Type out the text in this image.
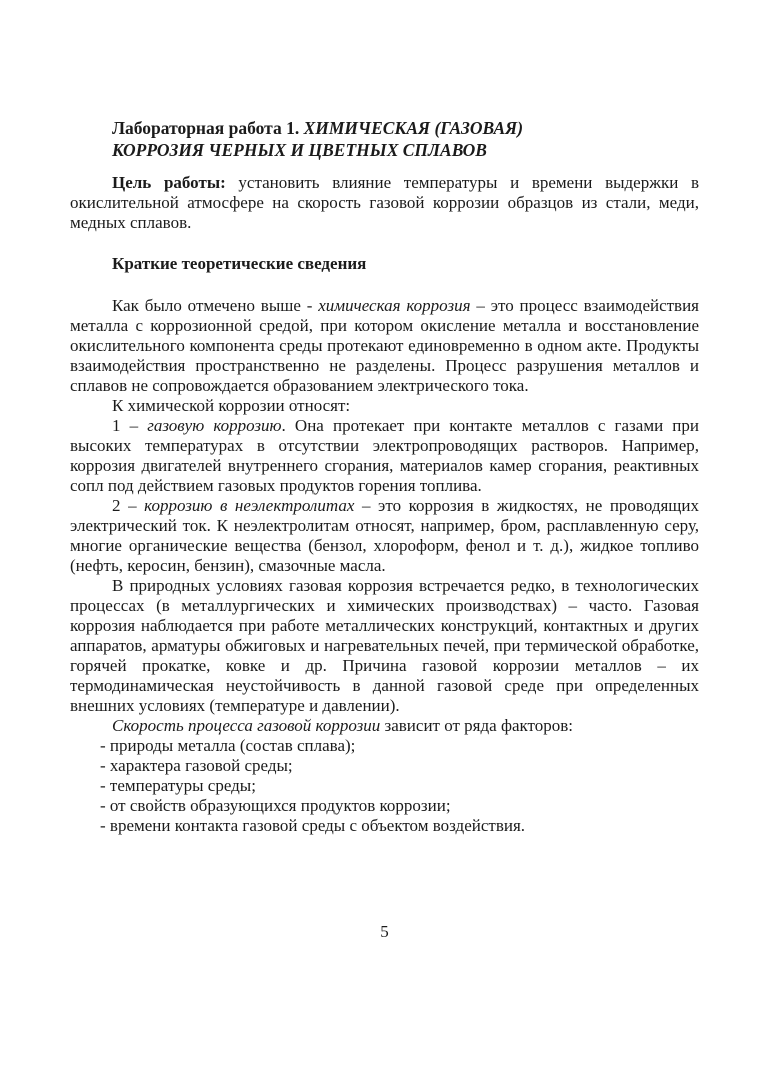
Лабораторная работа 1. ХИМИЧЕСКАЯ (ГАЗОВАЯ)
КОРРОЗИЯ ЧЕРНЫХ И ЦВЕТНЫХ СПЛАВОВ

Цель работы: установить влияние температуры и времени выдержки в окислительной атмосфере на скорость газовой коррозии образцов из стали, меди, медных сплавов.

Краткие теоретические сведения

Как было отмечено выше - химическая коррозия – это процесс взаимодействия металла с коррозионной средой, при котором окисление металла и восстановление окислительного компонента среды протекают единовременно в одном акте. Продукты взаимодействия пространственно не разделены. Процесс разрушения металлов и сплавов не сопровождается образованием электрического тока.

К химической коррозии относят:

1 – газовую коррозию. Она протекает при контакте металлов с газами при высоких температурах в отсутствии электропроводящих растворов. Например, коррозия двигателей внутреннего сгорания, материалов камер сгорания, реактивных сопл под действием газовых продуктов горения топлива.

2 – коррозию в неэлектролитах – это коррозия в жидкостях, не проводящих электрический ток. К неэлектролитам относят, например, бром, расплавленную серу, многие органические вещества (бензол, хлороформ, фенол и т. д.), жидкое топливо (нефть, керосин, бензин), смазочные масла.

В природных условиях газовая коррозия встречается редко, в технологических процессах (в металлургических и химических производствах) – часто. Газовая коррозия наблюдается при работе металлических конструкций, контактных и других аппаратов, арматуры обжиговых и нагревательных печей, при термической обработке, горячей прокатке, ковке и др. Причина газовой коррозии металлов – их термодинамическая неустойчивость в данной газовой среде при определенных внешних условиях (температуре и давлении).

Скорость процесса газовой коррозии зависит от ряда факторов:

- природы металла (состав сплава);
- характера газовой среды;
- температуры среды;
- от свойств образующихся продуктов коррозии;
- времени контакта газовой среды с объектом воздействия.
5
